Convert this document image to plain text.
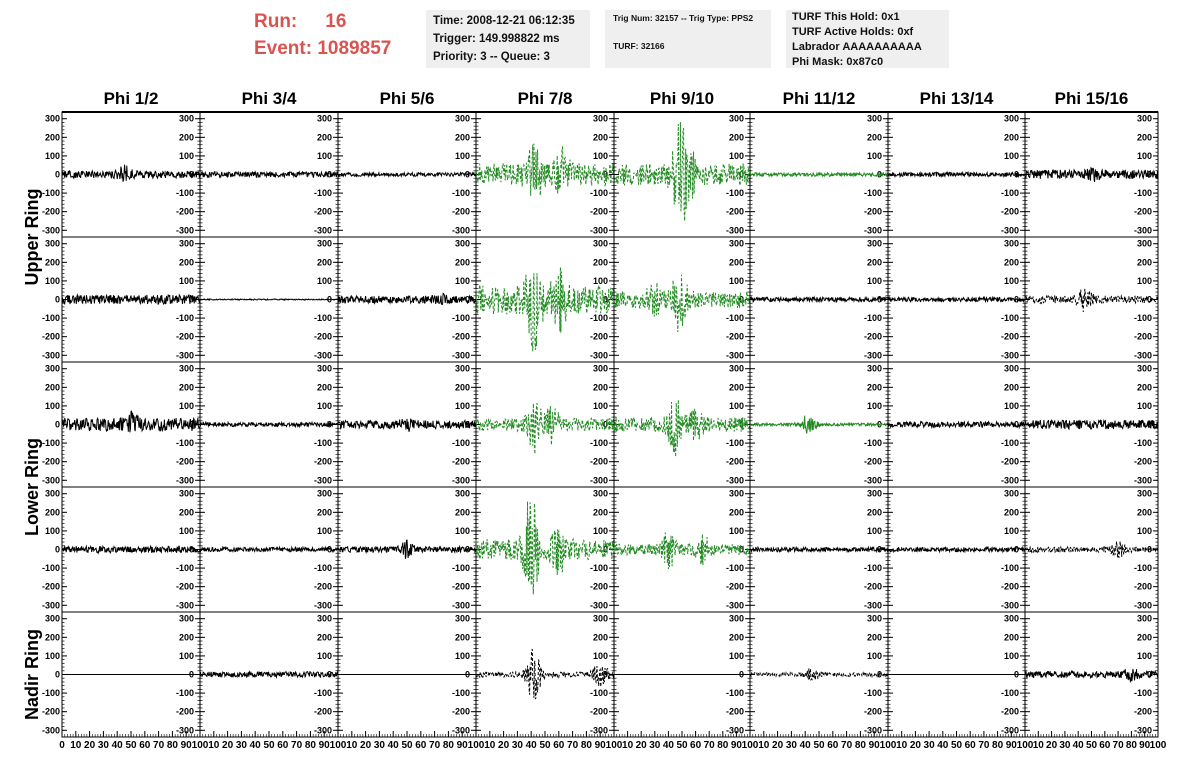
Run: 16
Event: 1089857
Time: 2008-12-21 06:12:35
Trigger: 149.998822 ms
Priority: 3 -- Queue: 3
Trig Num: 32157 -- Trig Type: PPS2
TURF: 32166
TURF This Hold: 0x1
TURF Active Holds: 0xf
Labrador AAAAAAAAAA
Phi Mask: 0x87c0
Phi 1/2	Phi 3/4	Phi 5/6	Phi 7/8	Phi 9/10	Phi 11/12	Phi 13/14	Phi 15/16
Upper Ring
Lower Ring
Nadir Ring
300	300
200	200
100	100
0	0
-100	-100
-200	-200
-300	-300
300
200
100
0
-100
-200
-300
300
200
100
0
-100
-200
-300
300
200
100
0
-100
-200
-300
300
200
100
0
-100
-200
-300
300
200
100
0
-100
-200
-300
300
200
100
0
-100
-200
-300
300
200
100
0
-100
-200
-300
300	300
200	200
100	100
0	0
-100	-100
-200	-200
-300	-300
300
200
100
0
-100
-200
-300
300
200
100
0
-100
-200
-300
300
200
100
0
-100
-200
-300
300
200
100
0
-100
-200
-300
300
200
100
0
-100
-200
-300
300
200
100
0
-100
-200
-300
300
200
100
0
-100
-200
-300
300	300
200	200
100	100
0	0
-100	-100
-200	-200
-300	-300
300
200
100
0
-100
-200
-300
300
200
100
0
-100
-200
-300
300
200
100
0
-100
-200
-300
300
200
100
0
-100
-200
-300
300
200
100
0
-100
-200
-300
300
200
100
0
-100
-200
-300
300
200
100
0
-100
-200
-300
300	300
200	200
100	100
0	0
-100	-100
-200	-200
-300	-300
300
200
100
0
-100
-200
-300
300
200
100
0
-100
-200
-300
300
200
100
0
-100
-200
-300
300
200
100
0
-100
-200
-300
300
200
100
0
-100
-200
-300
300
200
100
0
-100
-200
-300
300
200
100
0
-100
-200
-300
300	300
200	200
100	100
0	0
-100	-100
-200	-200
-300	-300
0 10 20 30 40 50 60 70 80 90 100
300
200
100
0
-100
-200
-300
10 20 30 40 50 60 70 80 90 100
300
200
100
0
-100
-200
-300
10 20 30 40 50 60 70 80 90 100
300
200
100
0
-100
-200
-300
10 20 30 40 50 60 70 80 90 100
300
200
100
0
-100
-200
-300
10 20 30 40 50 60 70 80 90 100
300
200
100
0
-100
-200
-300
10 20 30 40 50 60 70 80 90 100
300
200
100
0
-100
-200
-300
10 20 30 40 50 60 70 80 90 100
300
200
100
0
-100
-200
-300
10 20 30 40 50 60 70 80 90 100
